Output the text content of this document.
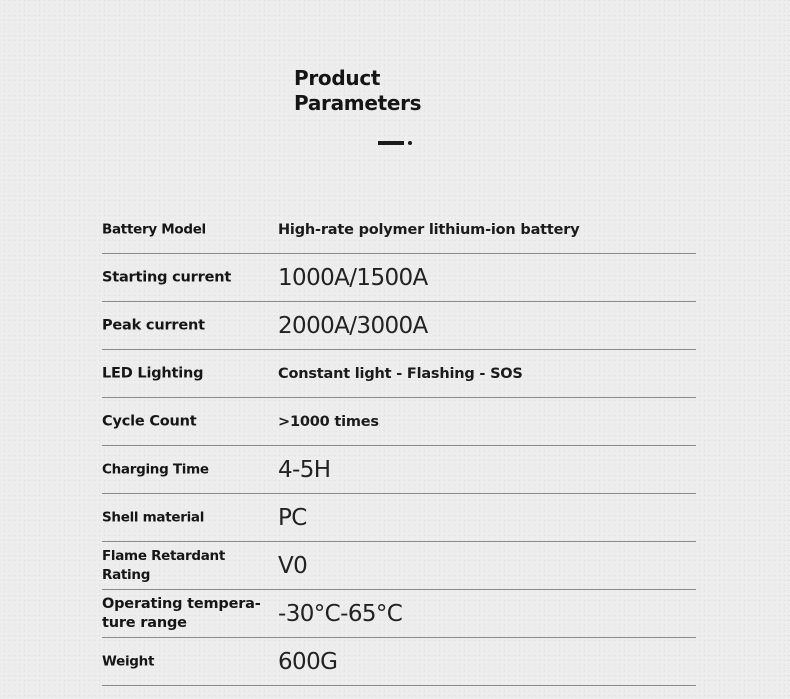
Product
Parameters
Battery Model	High-rate polymer lithium-ion battery
Starting current	1000A/1500A
Peak current	2000A/3000A
LED Lighting	Constant light - Flashing - SOS
Cycle Count	>1000 times
Charging Time	4-5H
Shell material	PC
Flame Retardant Rating	V0
Operating tempera-ture range	-30°C-65°C
Weight	600G
